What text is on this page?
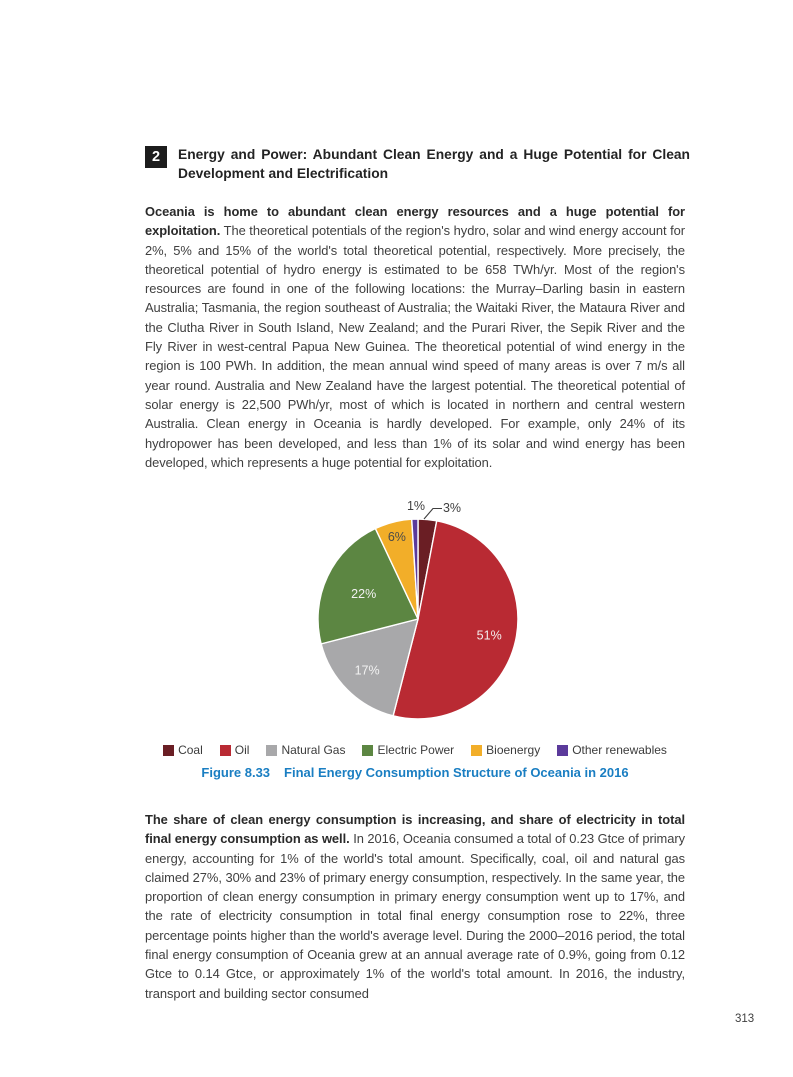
2	Energy and Power: Abundant Clean Energy and a Huge Potential for Clean Development and Electrification

Oceania is home to abundant clean energy resources and a huge potential for exploitation. The theoretical potentials of the region's hydro, solar and wind energy account for 2%, 5% and 15% of the world's total theoretical potential, respectively. More precisely, the theoretical potential of hydro energy is estimated to be 658 TWh/yr. Most of the region's resources are found in one of the following locations: the Murray–Darling basin in eastern Australia; Tasmania, the region southeast of Australia; the Waitaki River, the Mataura River and the Clutha River in South Island, New Zealand; and the Purari River, the Sepik River and the Fly River in west-central Papua New Guinea. The theoretical potential of wind energy in the region is 100 PWh. In addition, the mean annual wind speed of many areas is over 7 m/s all year round. Australia and New Zealand have the largest potential. The theoretical potential of solar energy is 22,500 PWh/yr, most of which is located in northern and central western Australia. Clean energy in Oceania is hardly developed. For example, only 24% of its hydropower has been developed, and less than 1% of its solar and wind energy has been developed, which represents a huge potential for exploitation.

3%
51%
17%
22%
6%
1%
Coal	Oil	Natural Gas	Electric Power	Bioenergy	Other renewables
Figure 8.33 Final Energy Consumption Structure of Oceania in 2016

The share of clean energy consumption is increasing, and share of electricity in total final energy consumption as well. In 2016, Oceania consumed a total of 0.23 Gtce of primary energy, accounting for 1% of the world's total amount. Specifically, coal, oil and natural gas claimed 27%, 30% and 23% of primary energy consumption, respectively. In the same year, the proportion of clean energy consumption in primary energy consumption went up to 17%, and the rate of electricity consumption in total final energy consumption rose to 22%, three percentage points higher than the world's average level. During the 2000–2016 period, the total final energy consumption of Oceania grew at an annual average rate of 0.9%, going from 0.12 Gtce to 0.14 Gtce, or approximately 1% of the world's total amount. In 2016, the industry, transport and building sector consumed

313
